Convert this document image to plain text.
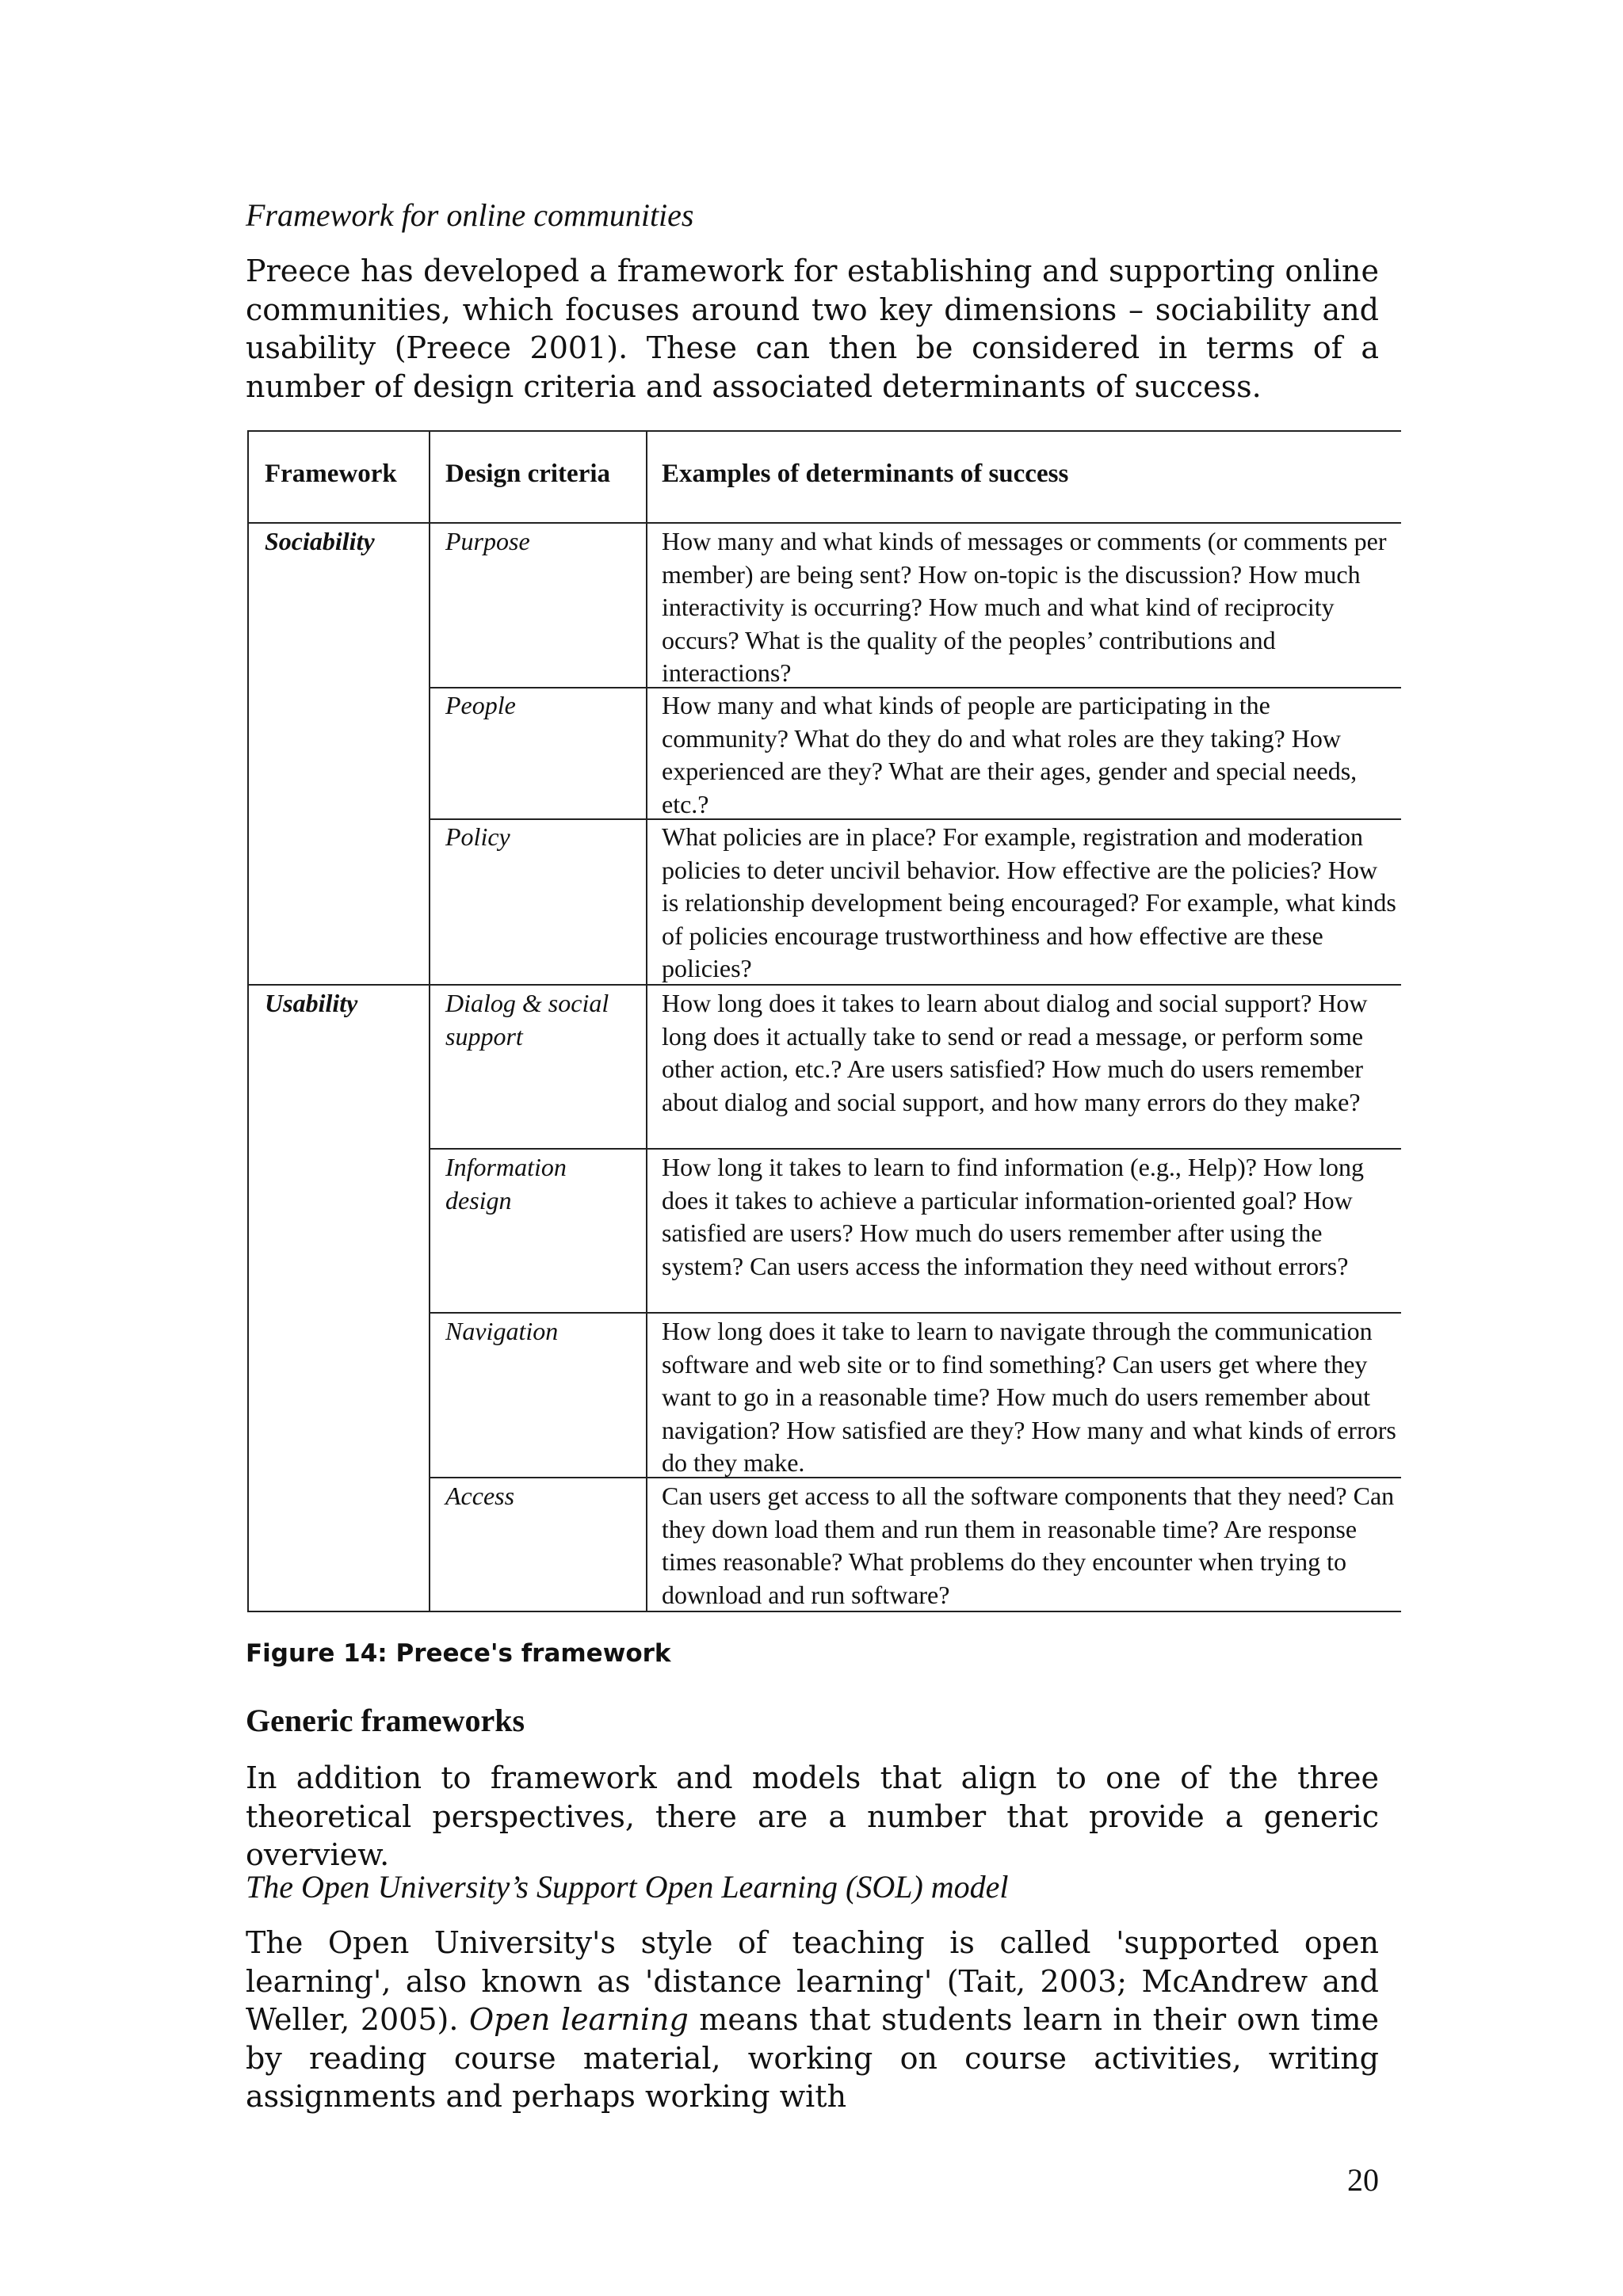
Framework for online communities
Preece has developed a framework for establishing and supporting online communities, which focuses around two key dimensions – sociability and usability (Preece 2001). These can then be considered in terms of a number of design criteria and associated determinants of success.
Framework Design criteria Examples of determinants of success
Sociability
Usability
Purpose
People
Policy
Dialog & social support
Information design
Navigation
Access
How many and what kinds of messages or comments (or comments per member) are being sent? How on-topic is the discussion? How much interactivity is occurring? How much and what kind of reciprocity occurs? What is the quality of the peoples’ contributions and interactions?
How many and what kinds of people are participating in the community? What do they do and what roles are they taking? How experienced are they? What are their ages, gender and special needs, etc.?
What policies are in place? For example, registration and moderation policies to deter uncivil behavior. How effective are the policies? How is relationship development being encouraged? For example, what kinds of policies encourage trustworthiness and how effective are these policies?
How long does it takes to learn about dialog and social support? How long does it actually take to send or read a message, or perform some other action, etc.? Are users satisfied? How much do users remember about dialog and social support, and how many errors do they make?
How long it takes to learn to find information (e.g., Help)? How long does it takes to achieve a particular information-oriented goal? How satisfied are users? How much do users remember after using the system? Can users access the information they need without errors?
How long does it take to learn to navigate through the communication software and web site or to find something? Can users get where they want to go in a reasonable time? How much do users remember about navigation? How satisfied are they? How many and what kinds of errors do they make.
Can users get access to all the software components that they need? Can they down load them and run them in reasonable time? Are response times reasonable? What problems do they encounter when trying to download and run software?
Figure 14: Preece's framework
Generic frameworks
In addition to framework and models that align to one of the three theoretical perspectives, there are a number that provide a generic overview.
The Open University’s Support Open Learning (SOL) model
The Open University's style of teaching is called 'supported open learning', also known as 'distance learning' (Tait, 2003; McAndrew and Weller, 2005). Open learning means that students learn in their own time by reading course material, working on course activities, writing assignments and perhaps working with
20
